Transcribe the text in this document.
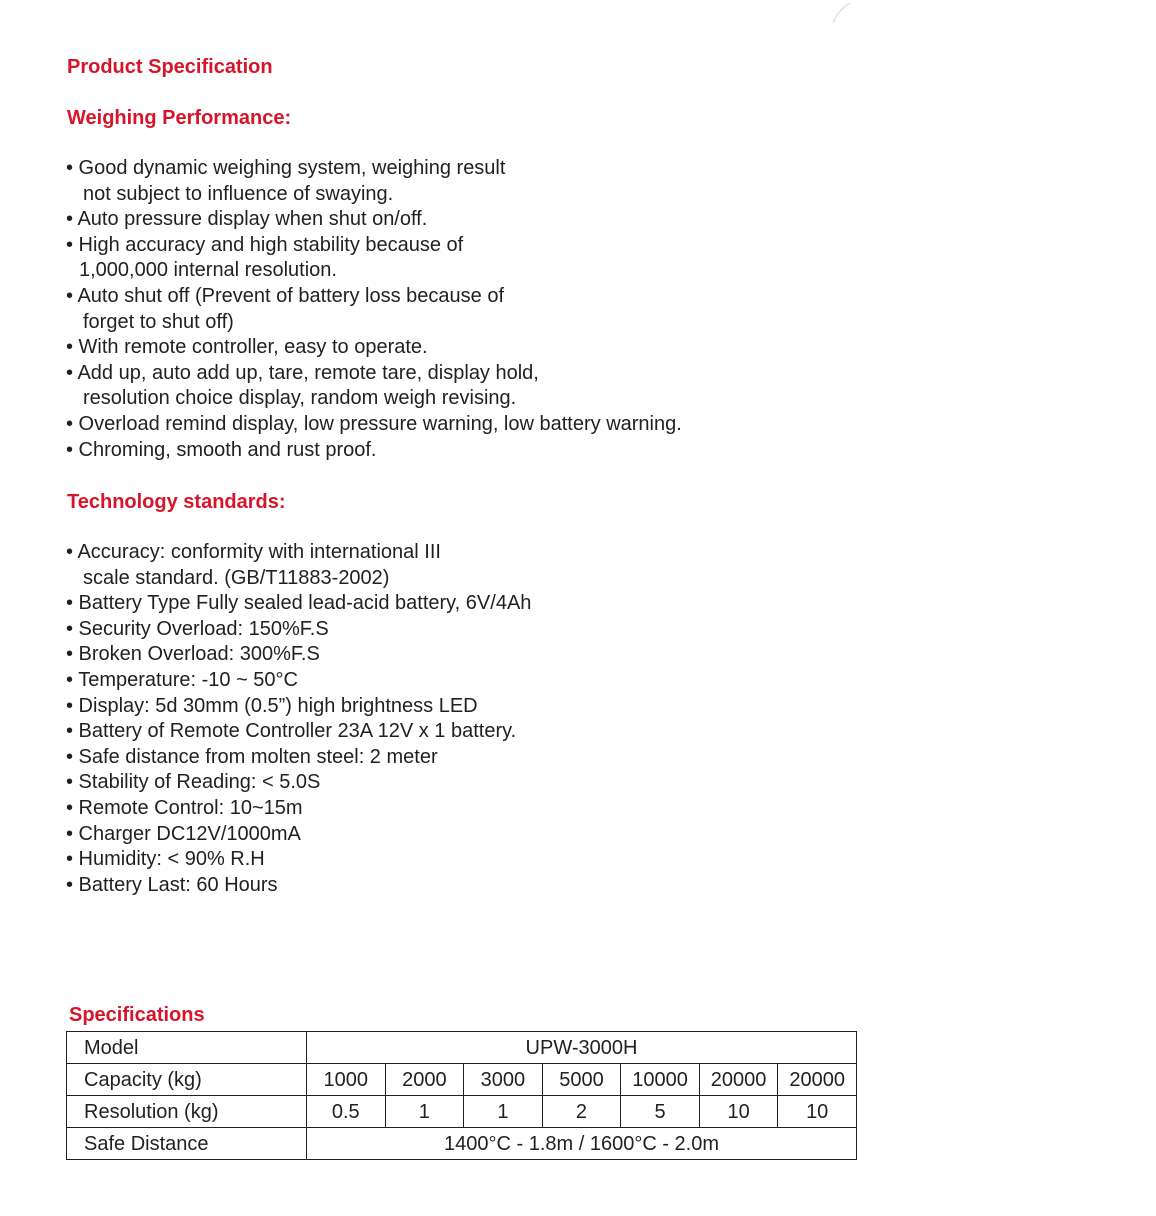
Product Specification
Weighing Performance:
• Good dynamic weighing system, weighing result
not subject to influence of swaying.
• Auto pressure display when shut on/off.
• High accuracy and high stability because of
1,000,000 internal resolution.
• Auto shut off (Prevent of battery loss because of
forget to shut off)
• With remote controller, easy to operate.
• Add up, auto add up, tare, remote tare, display hold,
resolution choice display, random weigh revising.
• Overload remind display, low pressure warning, low battery warning.
• Chroming, smooth and rust proof.
Technology standards:
• Accuracy: conformity with international III
scale standard. (GB/T11883-2002)
• Battery Type Fully sealed lead-acid battery, 6V/4Ah
• Security Overload: 150%F.S
• Broken Overload: 300%F.S
• Temperature: -10 ~ 50°C
• Display: 5d 30mm (0.5”) high brightness LED
• Battery of Remote Controller 23A 12V x 1 battery.
• Safe distance from molten steel: 2 meter
• Stability of Reading: < 5.0S
• Remote Control: 10~15m
• Charger DC12V/1000mA
• Humidity: < 90% R.H
• Battery Last: 60 Hours
Specifications
Model	UPW-3000H						
Capacity (kg)	1000	2000	3000	5000	10000	20000	20000
Resolution (kg)	0.5	1	1	2	5	10	10
Safe Distance	1400°C - 1.8m / 1600°C - 2.0m						
